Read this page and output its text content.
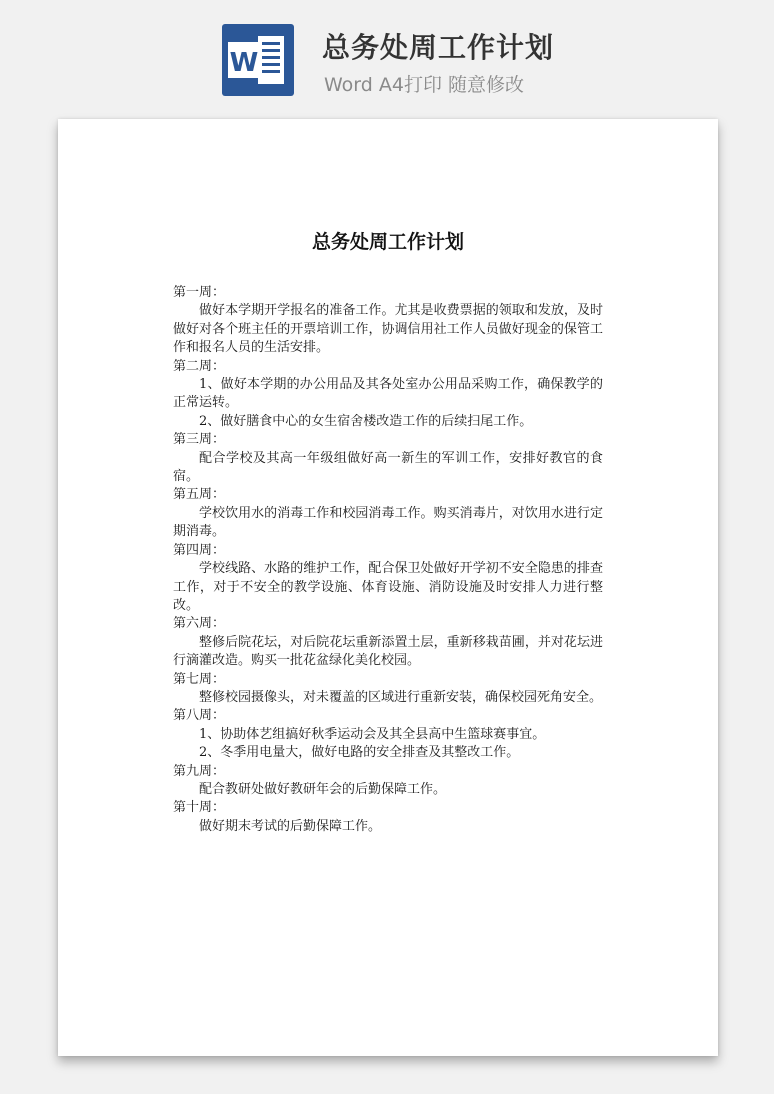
W 总务处周工作计划
Word A4打印 随意修改
总务处周工作计划

第一周：

做好本学期开学报名的准备工作。尤其是收费票据的领取和发放，及时做好对各个班主任的开票培训工作，协调信用社工作人员做好现金的保管工作和报名人员的生活安排。

第二周：

1、做好本学期的办公用品及其各处室办公用品采购工作，确保教学的正常运转。

2、做好膳食中心的女生宿舍楼改造工作的后续扫尾工作。

第三周：

配合学校及其高一年级组做好高一新生的军训工作，安排好教官的食宿。

第五周：

学校饮用水的消毒工作和校园消毒工作。购买消毒片，对饮用水进行定期消毒。

第四周：

学校线路、水路的维护工作，配合保卫处做好开学初不安全隐患的排查工作，对于不安全的教学设施、体育设施、消防设施及时安排人力进行整改。

第六周：

整修后院花坛，对后院花坛重新添置土层，重新移栽苗圃，并对花坛进行滴灌改造。购买一批花盆绿化美化校园。

第七周：

整修校园摄像头，对未覆盖的区域进行重新安装，确保校园死角安全。

第八周：

1、协助体艺组搞好秋季运动会及其全县高中生篮球赛事宜。

2、冬季用电量大，做好电路的安全排查及其整改工作。

第九周：

配合教研处做好教研年会的后勤保障工作。

第十周：

做好期末考试的后勤保障工作。
